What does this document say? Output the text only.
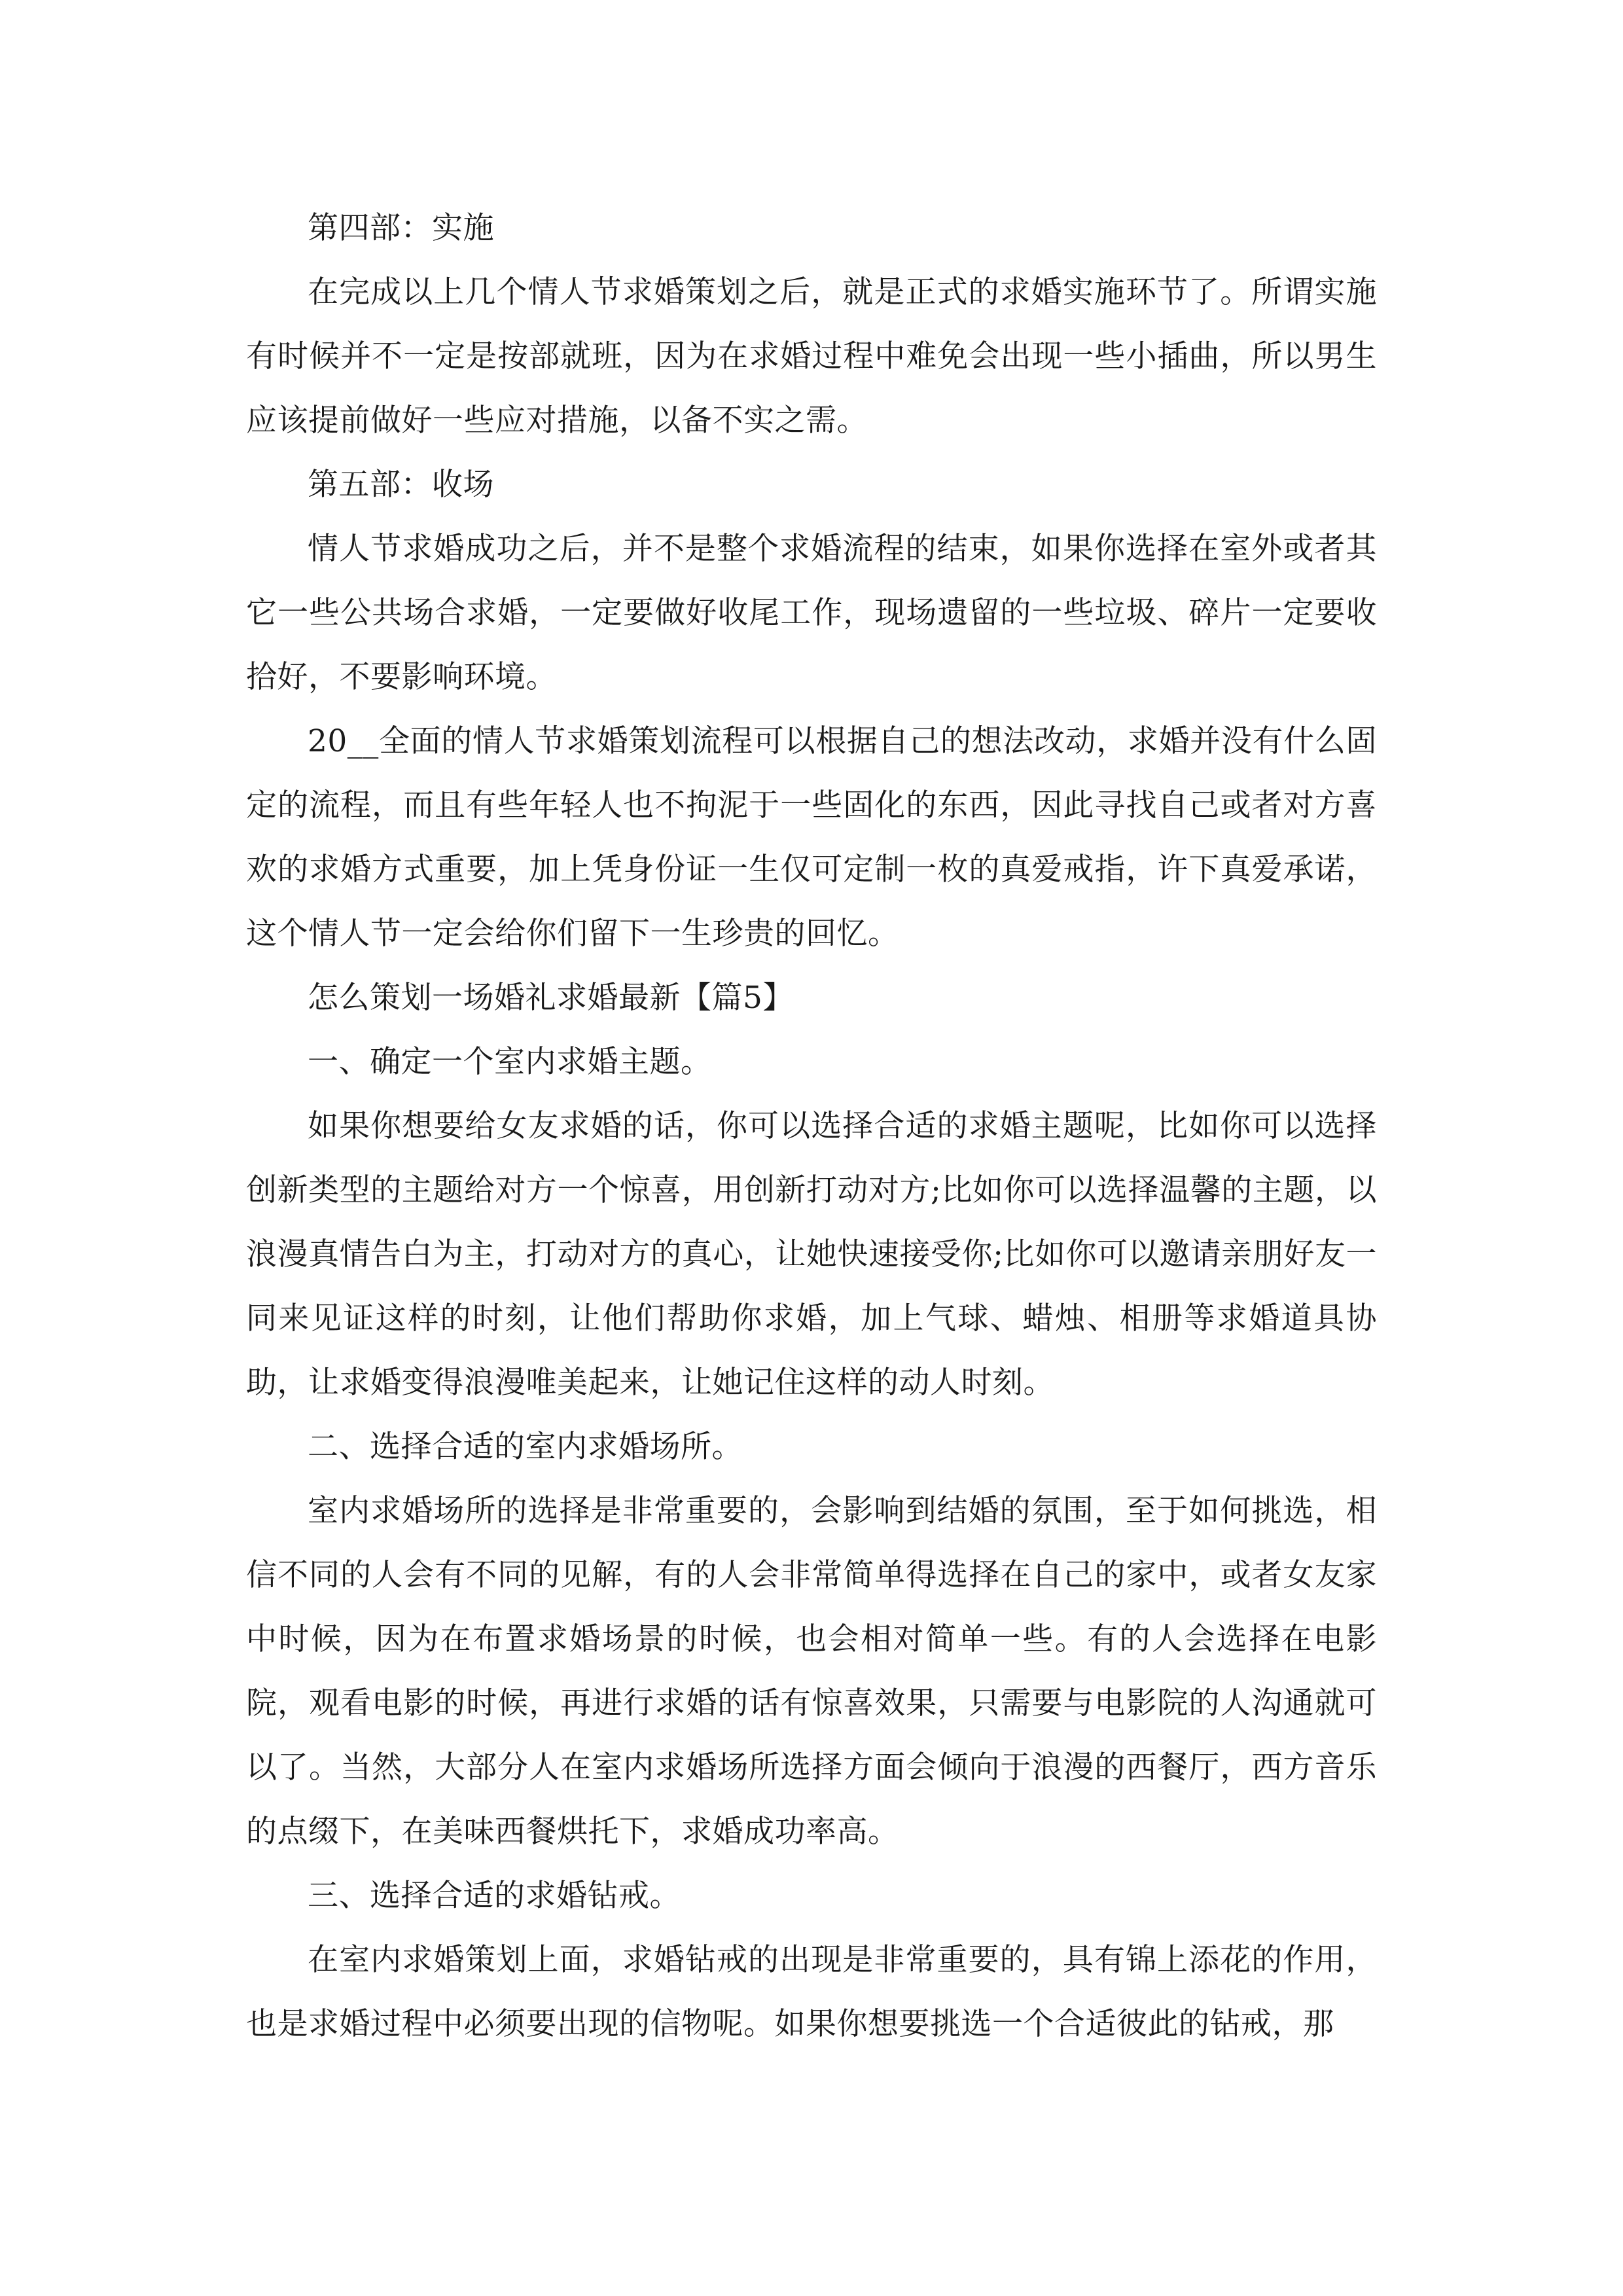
第四部：实施

在完成以上几个情人节求婚策划之后，就是正式的求婚实施环节了。所谓实施有时候并不一定是按部就班，因为在求婚过程中难免会出现一些小插曲，所以男生应该提前做好一些应对措施，以备不实之需。

第五部：收场

情人节求婚成功之后，并不是整个求婚流程的结束，如果你选择在室外或者其它一些公共场合求婚，一定要做好收尾工作，现场遗留的一些垃圾、碎片一定要收拾好，不要影响环境。

20__全面的情人节求婚策划流程可以根据自己的想法改动，求婚并没有什么固定的流程，而且有些年轻人也不拘泥于一些固化的东西，因此寻找自己或者对方喜欢的求婚方式重要，加上凭身份证一生仅可定制一枚的真爱戒指，许下真爱承诺，这个情人节一定会给你们留下一生珍贵的回忆。

怎么策划一场婚礼求婚最新【篇5】

一、确定一个室内求婚主题。

如果你想要给女友求婚的话，你可以选择合适的求婚主题呢，比如你可以选择创新类型的主题给对方一个惊喜，用创新打动对方;比如你可以选择温馨的主题，以浪漫真情告白为主，打动对方的真心，让她快速接受你;比如你可以邀请亲朋好友一同来见证这样的时刻，让他们帮助你求婚，加上气球、蜡烛、相册等求婚道具协助，让求婚变得浪漫唯美起来，让她记住这样的动人时刻。

二、选择合适的室内求婚场所。

室内求婚场所的选择是非常重要的，会影响到结婚的氛围，至于如何挑选，相信不同的人会有不同的见解，有的人会非常简单得选择在自己的家中，或者女友家中时候，因为在布置求婚场景的时候，也会相对简单一些。有的人会选择在电影院，观看电影的时候，再进行求婚的话有惊喜效果，只需要与电影院的人沟通就可以了。当然，大部分人在室内求婚场所选择方面会倾向于浪漫的西餐厅，西方音乐的点缀下，在美味西餐烘托下，求婚成功率高。

三、选择合适的求婚钻戒。

在室内求婚策划上面，求婚钻戒的出现是非常重要的，具有锦上添花的作用，也是求婚过程中必须要出现的信物呢。如果你想要挑选一个合适彼此的钻戒，那
